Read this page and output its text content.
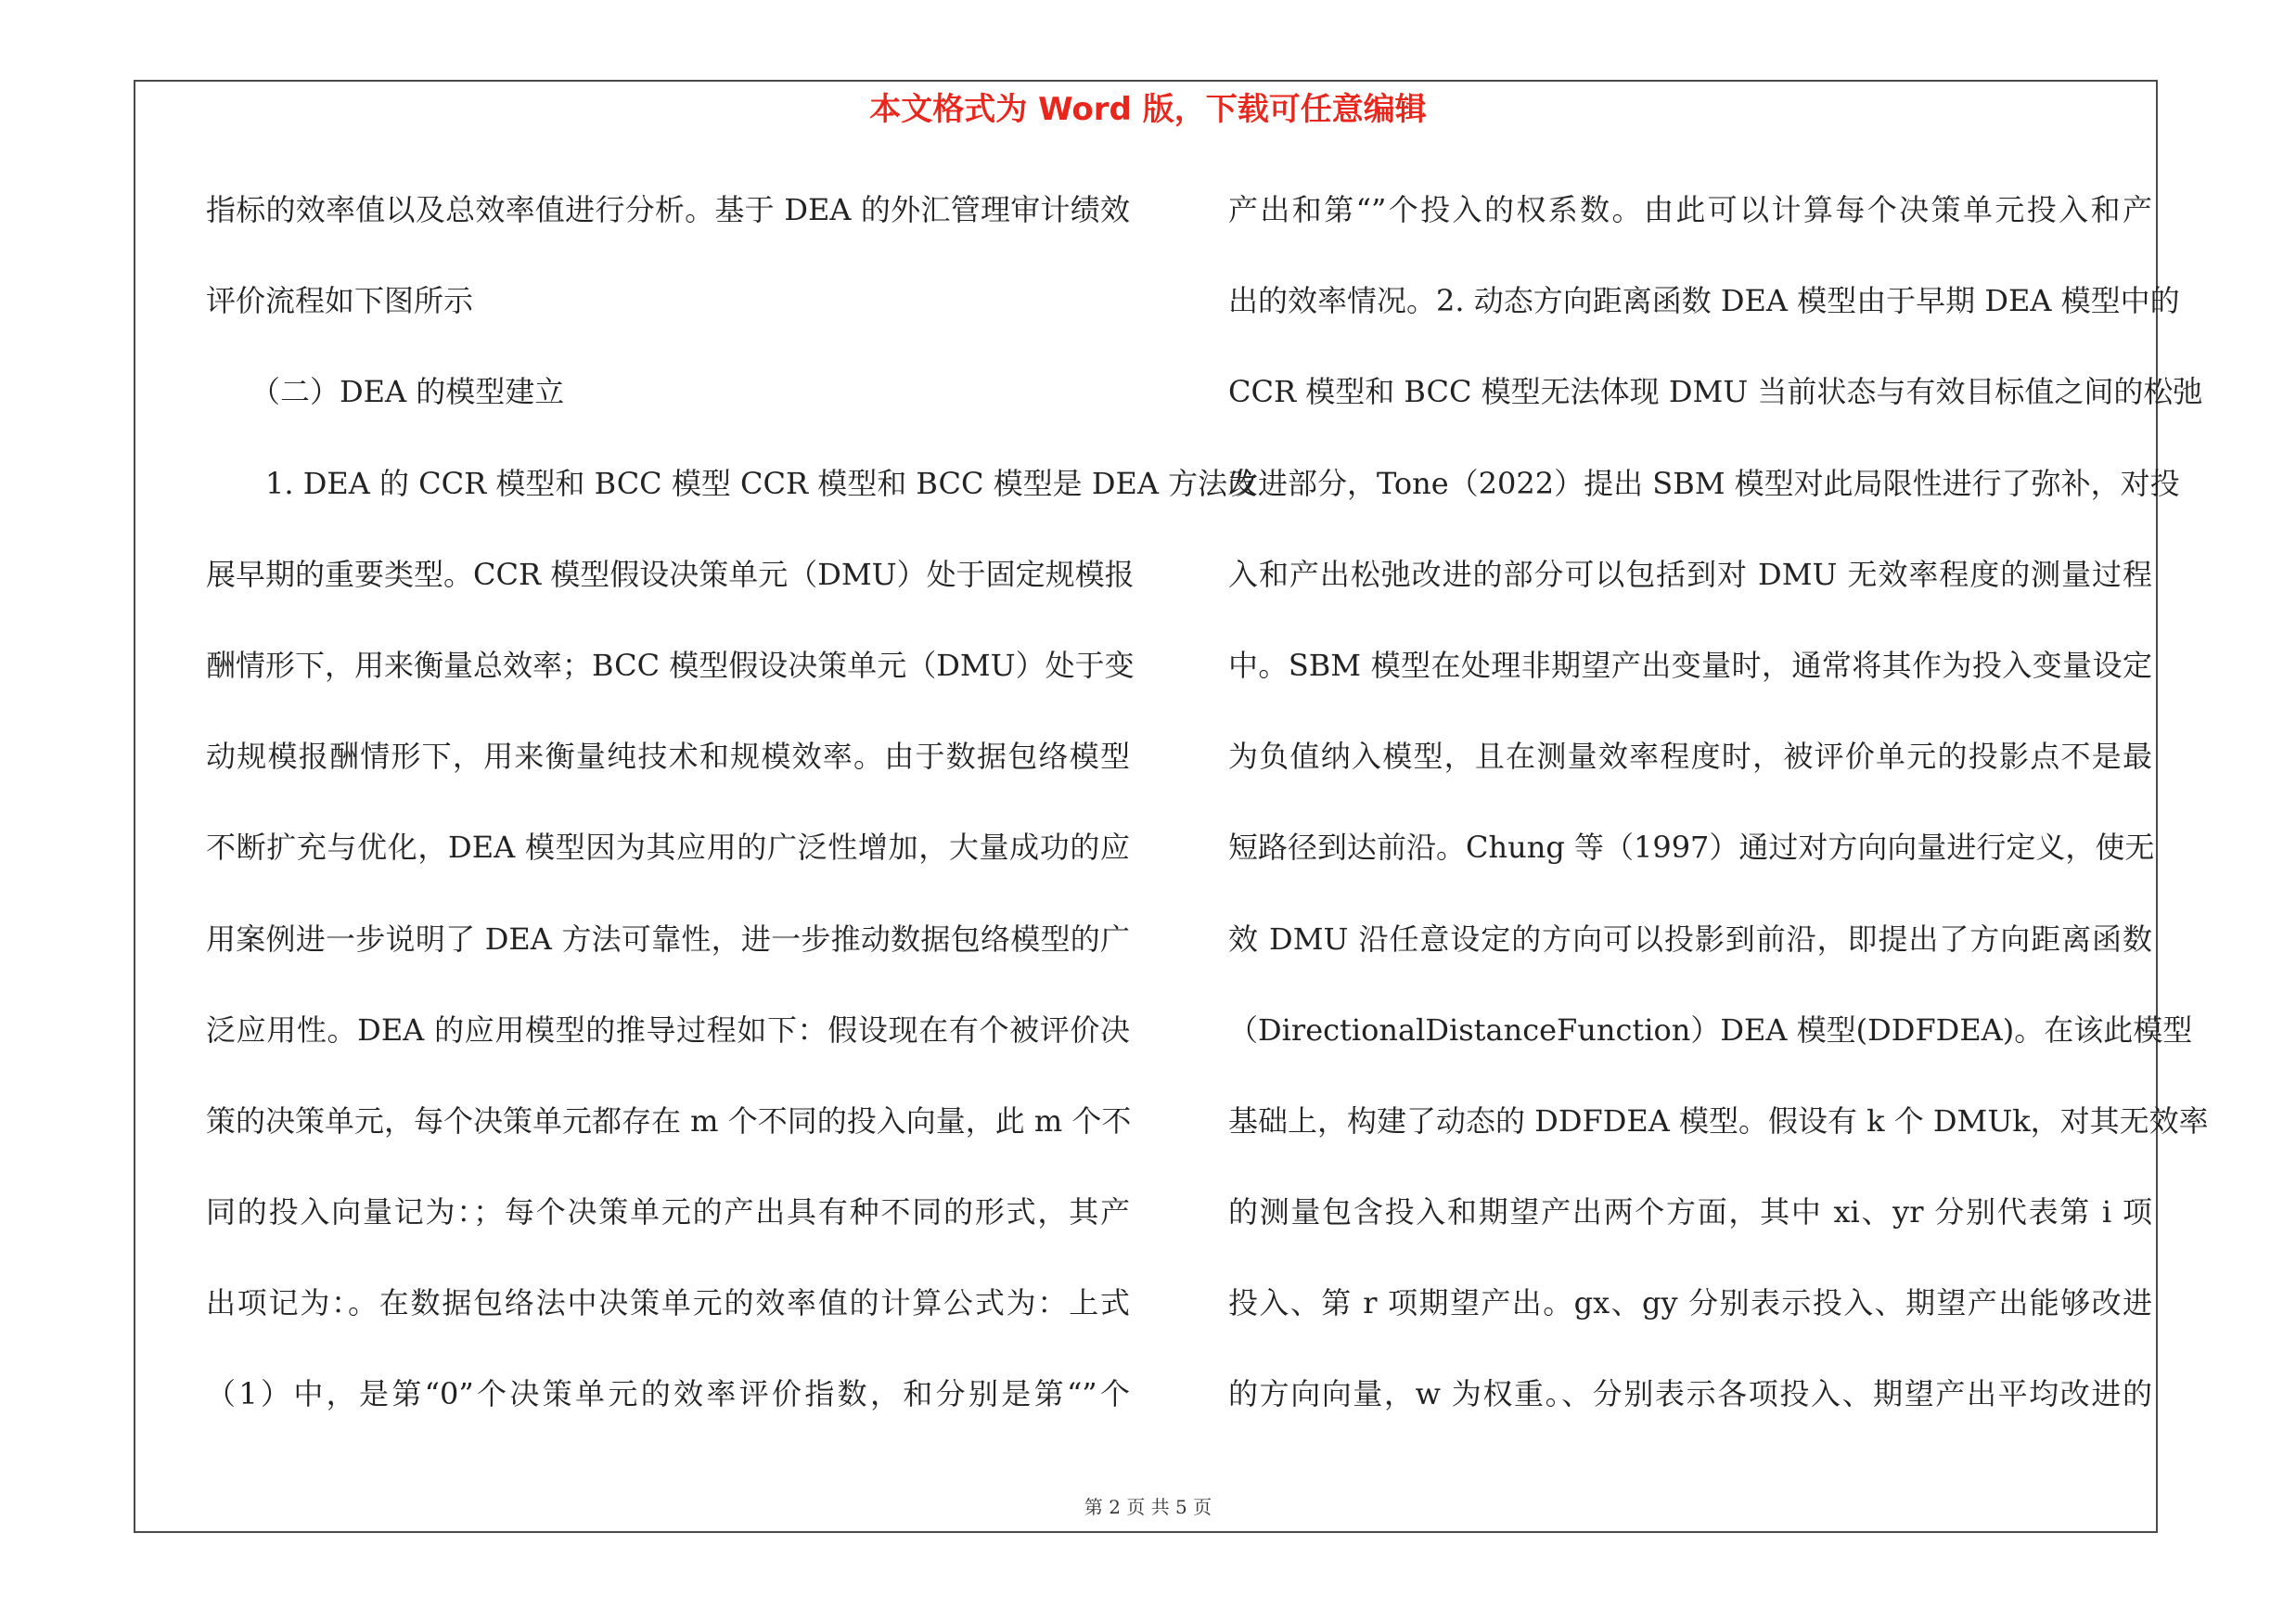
本文格式为 Word 版，下载可任意编辑
指标的效率值以及总效率值进行分析。基于 DEA 的外汇管理审计绩效
评价流程如下图所示
　　（二）DEA 的模型建立
　　1. DEA 的 CCR 模型和 BCC 模型 CCR 模型和 BCC 模型是 DEA 方法发
展早期的重要类型。CCR 模型假设决策单元（DMU）处于固定规模报
酬情形下，用来衡量总效率；BCC 模型假设决策单元（DMU）处于变
动规模报酬情形下，用来衡量纯技术和规模效率。由于数据包络模型
不断扩充与优化，DEA 模型因为其应用的广泛性增加，大量成功的应
用案例进一步说明了 DEA 方法可靠性，进一步推动数据包络模型的广
泛应用性。DEA 的应用模型的推导过程如下：假设现在有个被评价决
策的决策单元，每个决策单元都存在 m 个不同的投入向量，此 m 个不
同的投入向量记为：；每个决策单元的产出具有种不同的形式，其产
出项记为：。在数据包络法中决策单元的效率值的计算公式为：上式
（1）中，是第“0”个决策单元的效率评价指数，和分别是第“”个
产出和第“”个投入的权系数。由此可以计算每个决策单元投入和产
出的效率情况。2. 动态方向距离函数 DEA 模型由于早期 DEA 模型中的
CCR 模型和 BCC 模型无法体现 DMU 当前状态与有效目标值之间的松弛
改进部分，Tone（2022）提出 SBM 模型对此局限性进行了弥补，对投
入和产出松弛改进的部分可以包括到对 DMU 无效率程度的测量过程
中。SBM 模型在处理非期望产出变量时，通常将其作为投入变量设定
为负值纳入模型，且在测量效率程度时，被评价单元的投影点不是最
短路径到达前沿。Chung 等（1997）通过对方向向量进行定义，使无
效 DMU 沿任意设定的方向可以投影到前沿，即提出了方向距离函数
（DirectionalDistanceFunction）DEA 模型(DDFDEA)。在该此模型
基础上，构建了动态的 DDFDEA 模型。假设有 k 个 DMUk，对其无效率
的测量包含投入和期望产出两个方面，其中 xi、yr 分别代表第 i 项
投入、第 r 项期望产出。gx、gy 分别表示投入、期望产出能够改进
的方向向量，w 为权重。、分别表示各项投入、期望产出平均改进的
第 2 页 共 5 页
